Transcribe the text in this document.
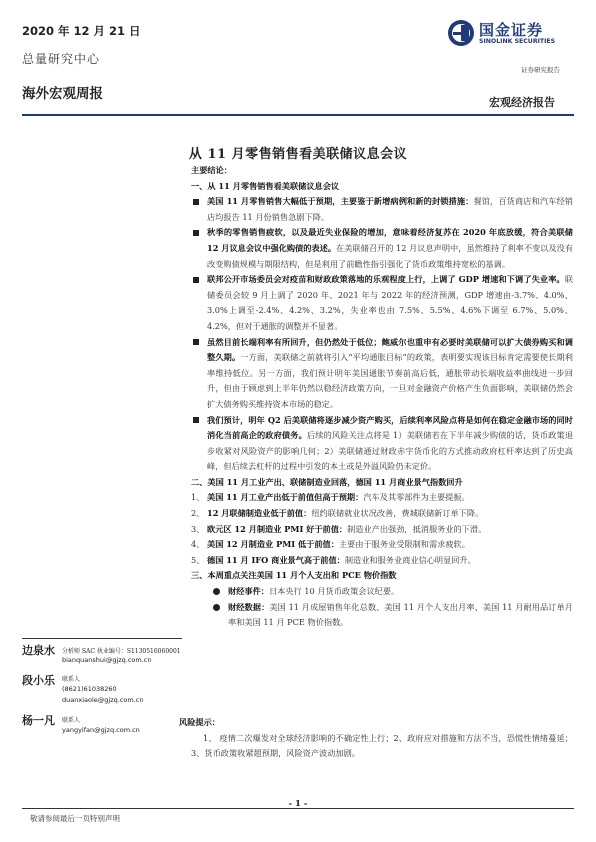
2020 年 12 月 21 日
总量研究中心
海外宏观周报
国金证券
SINOLINK SECURITIES
证券研究报告
宏观经济报告
从 11 月零售销售看美联储议息会议

主要结论：

一、从 11 月零售销售看美联储议息会议

美国 11 月零售销售大幅低于预期，主要鉴于新增病例和新的封锁措施：餐馆，百货商店和汽车经销店均报告 11 月份销售急剧下降。
秋季的零售销售疲软，以及最近失业保险的增加，意味着经济复苏在 2020 年底放缓，符合美联储 12 月议息会议中强化购债的表述。在美联储召开的 12 月议息声明中，虽然维持了利率不变以及没有改变购债规模与期限结构，但是利用了前瞻性指引强化了货币政策维持宽松的基调。
联邦公开市场委员会对疫苗和财政政策落地的乐观程度上行，上调了 GDP 增速和下调了失业率。联储委员会较 9 月上调了 2020 年、2021 年与 2022 年的经济预测，GDP 增速由-3.7%、4.0%、3.0%上调至-2.4%、4.2%、3.2%，失业率也由 7.5%、5.5%、4.6%下调至 6.7%、5.0%、4.2%，但对于通胀的调整并不显著。
虽然目前长端利率有所回升，但仍然处于低位；鲍威尔也重申有必要时美联储可以扩大债券购买和调整久期。一方面，美联储之前就将引入“平均通胀目标”的政策，表明要实现该目标肯定需要使长期利率维持低位。另一方面，我们预计明年美国通胀节奏前高后低，通胀带动长端收益率曲线进一步回升，但由于顾虑到上半年仍然以稳经济政策方向，一旦对金融资产价格产生负面影响，美联储仍然会扩大债务购买维持资本市场的稳定。
我们预计，明年 Q2 后美联储将逐步减少资产购买，后续利率风险点将是如何在稳定金融市场的同时消化当前高企的政府债务。后续的风险关注点将是 1）美联储若在下半年减少购债的话，货币政策退步收紧对风险资产的影响几何；2）美联储通过财政赤字货币化的方式推动政府杠杆率达到了历史高峰，但后续去杠杆的过程中引发的本土或是外溢风险仍未定价。

二、美国 11 月工业产出、联储制造业回落，德国 11 月商业景气指数回升

1、 美国 11 月工业产出低于前值但高于预期：汽车及其零部件为主要提振。
2、 12 月联储制造业低于前值：纽约联储就业状况改善，费城联储新订单下降。
3、 欧元区 12 月制造业 PMI 好于前值：制造业产出强劲，抵消服务业的下滑。
4、 美国 12 月制造业 PMI 低于前值：主要由于服务业受限制和需求疲软。
5、 德国 11 月 IFO 商业景气高于前值：制造业和服务业商业信心明显回升。

三、本周重点关注美国 11 月个人支出和 PCE 物价指数

财经事件：日本央行 10 月货币政策会议纪要。
财经数据：美国 11 月成屋销售年化总数、美国 11 月个人支出月率、美国 11 月耐用品订单月率和美国 11 月 PCE 物价指数。

风险提示：

1、 疫情二次爆发对全球经济影响的不确定性上行；2、政府应对措施和方法不当，恐慌性情绪蔓延；3、货币政策收紧超预期，风险资产波动加剧。

边泉水 分析师 SAC 执业编号：S1130516060001
bianquanshui@gjzq.com.cn
段小乐 联系人
(8621)61038260
duanxiaole@gjzq.com.cn
杨一凡 联系人
yangyifan@gjzq.com.cn
- 1 -
敬请参阅最后一页特别声明
